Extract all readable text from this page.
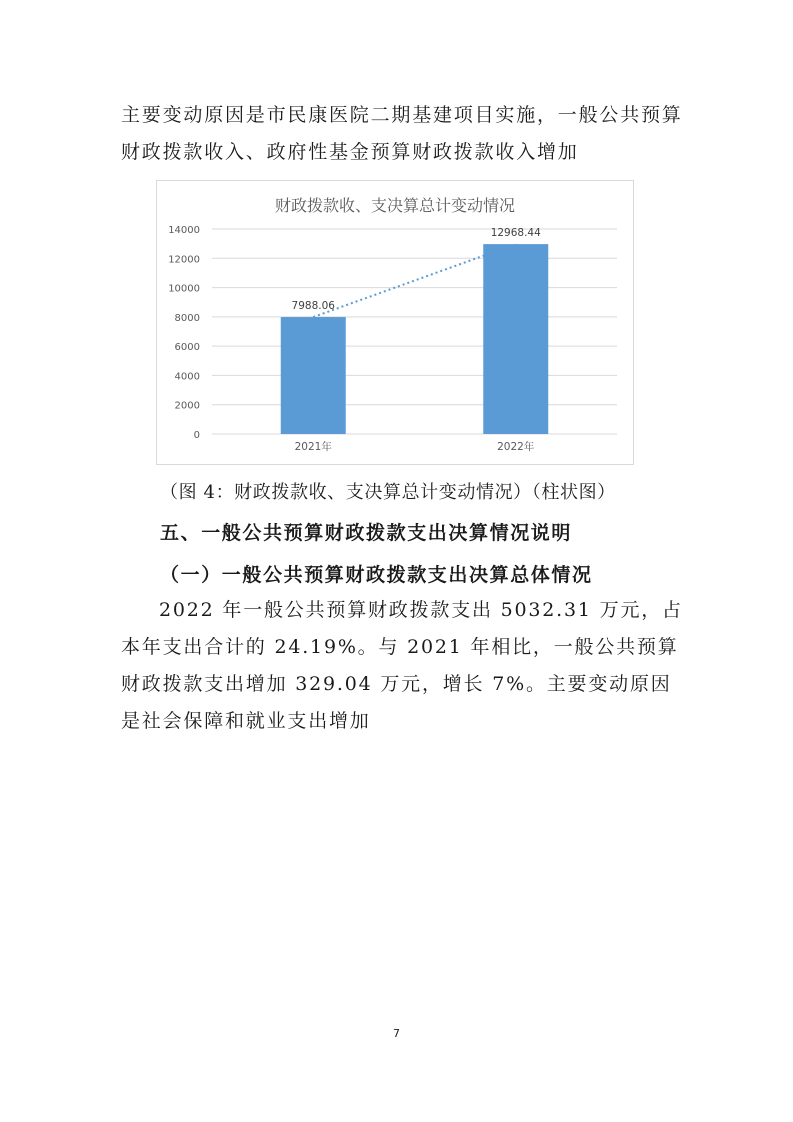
主要变动原因是市民康医院二期基建项目实施，一般公共预算财政拨款收入、政府性基金预算财政拨款收入增加

财政拨款收、支决算总计变动情况
0
2000
4000
6000
8000
10000
12000
14000
7988.06
12968.44
2021年	2022年

（图 4：财政拨款收、支决算总计变动情况）（柱状图）

五、一般公共预算财政拨款支出决算情况说明

（一）一般公共预算财政拨款支出决算总体情况

2022 年一般公共预算财政拨款支出 5032.31 万元，占本年支出合计的 24.19%。与 2021 年相比，一般公共预算财政拨款支出增加 329.04 万元，增长 7%。主要变动原因是社会保障和就业支出增加

7
